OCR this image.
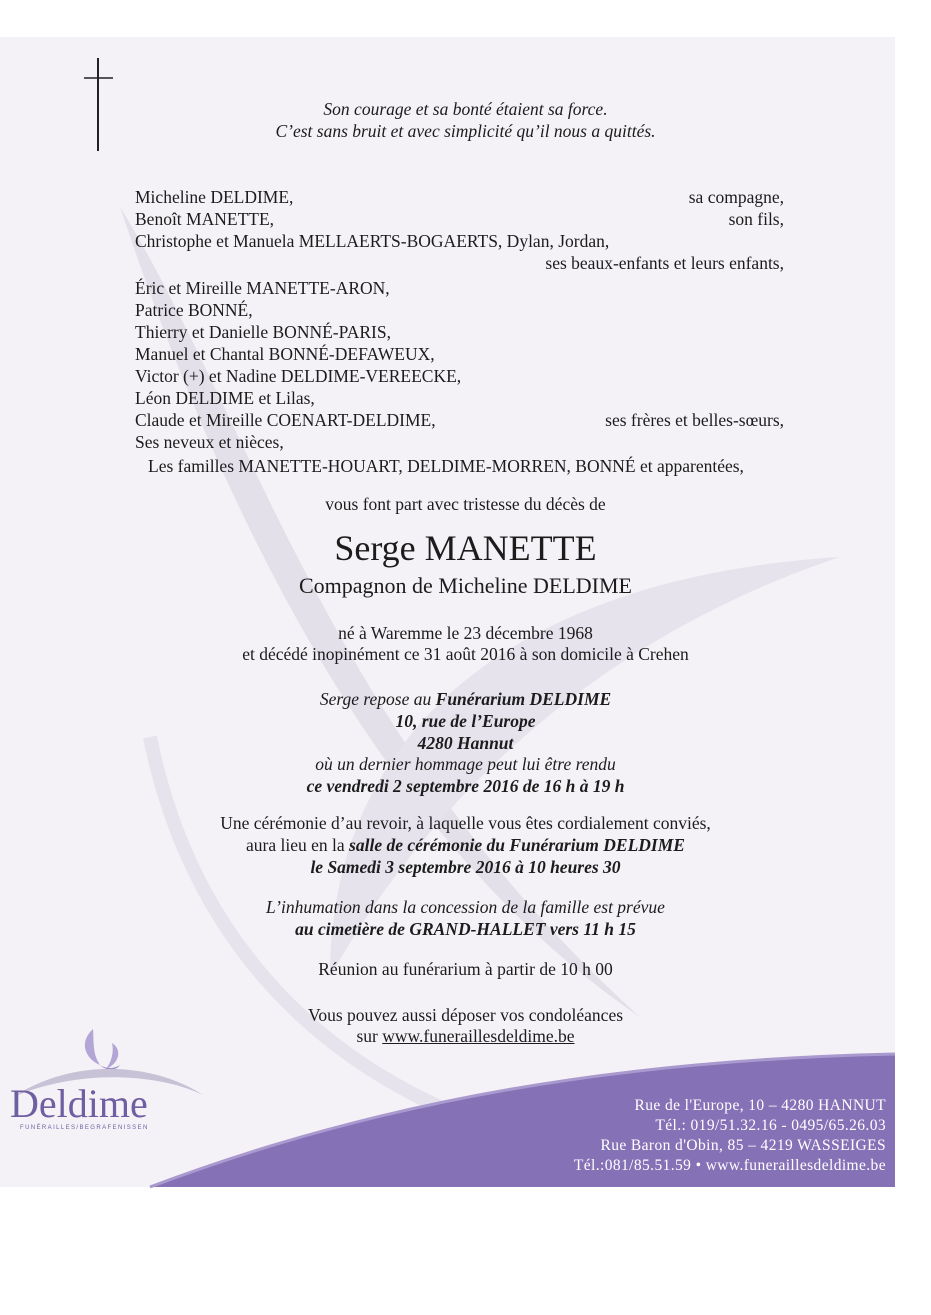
Son courage et sa bonté étaient sa force.
C’est sans bruit et avec simplicité qu’il nous a quittés.
Micheline DELDIME,	sa compagne,
Benoît MANETTE,	son fils,
Christophe et Manuela MELLAERTS-BOGAERTS, Dylan, Jordan,
ses beaux-enfants et leurs enfants,
Éric et Mireille MANETTE-ARON,
Patrice BONNÉ,
Thierry et Danielle BONNÉ-PARIS,
Manuel et Chantal BONNÉ-DEFAWEUX,
Victor (+) et Nadine DELDIME-VEREECKE,
Léon DELDIME et Lilas,
Claude et Mireille COENART-DELDIME,	ses frères et belles-sœurs,
Ses neveux et nièces,
Les familles MANETTE-HOUART, DELDIME-MORREN, BONNÉ et apparentées,
vous font part avec tristesse du décès de
Serge MANETTE
Compagnon de Micheline DELDIME
né à Waremme le 23 décembre 1968
et décédé inopinément ce 31 août 2016 à son domicile à Crehen
Serge repose au Funérarium DELDIME
10, rue de l’Europe
4280 Hannut
où un dernier hommage peut lui être rendu
ce vendredi 2 septembre 2016 de 16 h à 19 h
Une cérémonie d’au revoir, à laquelle vous êtes cordialement conviés,
aura lieu en la salle de cérémonie du Funérarium DELDIME
le Samedi 3 septembre 2016 à 10 heures 30
L’inhumation dans la concession de la famille est prévue
au cimetière de GRAND-HALLET vers 11 h 15
Réunion au funérarium à partir de 10 h 00
Vous pouvez aussi déposer vos condoléances
sur www.funeraillesdeldime.be
Deldime
FUNÉRAILLES/BEGRAFENISSEN
Rue de l'Europe, 10 – 4280 HANNUT
Tél.: 019/51.32.16 - 0495/65.26.03
Rue Baron d'Obin, 85 – 4219 WASSEIGES
Tél.:081/85.51.59 • www.funeraillesdeldime.be
